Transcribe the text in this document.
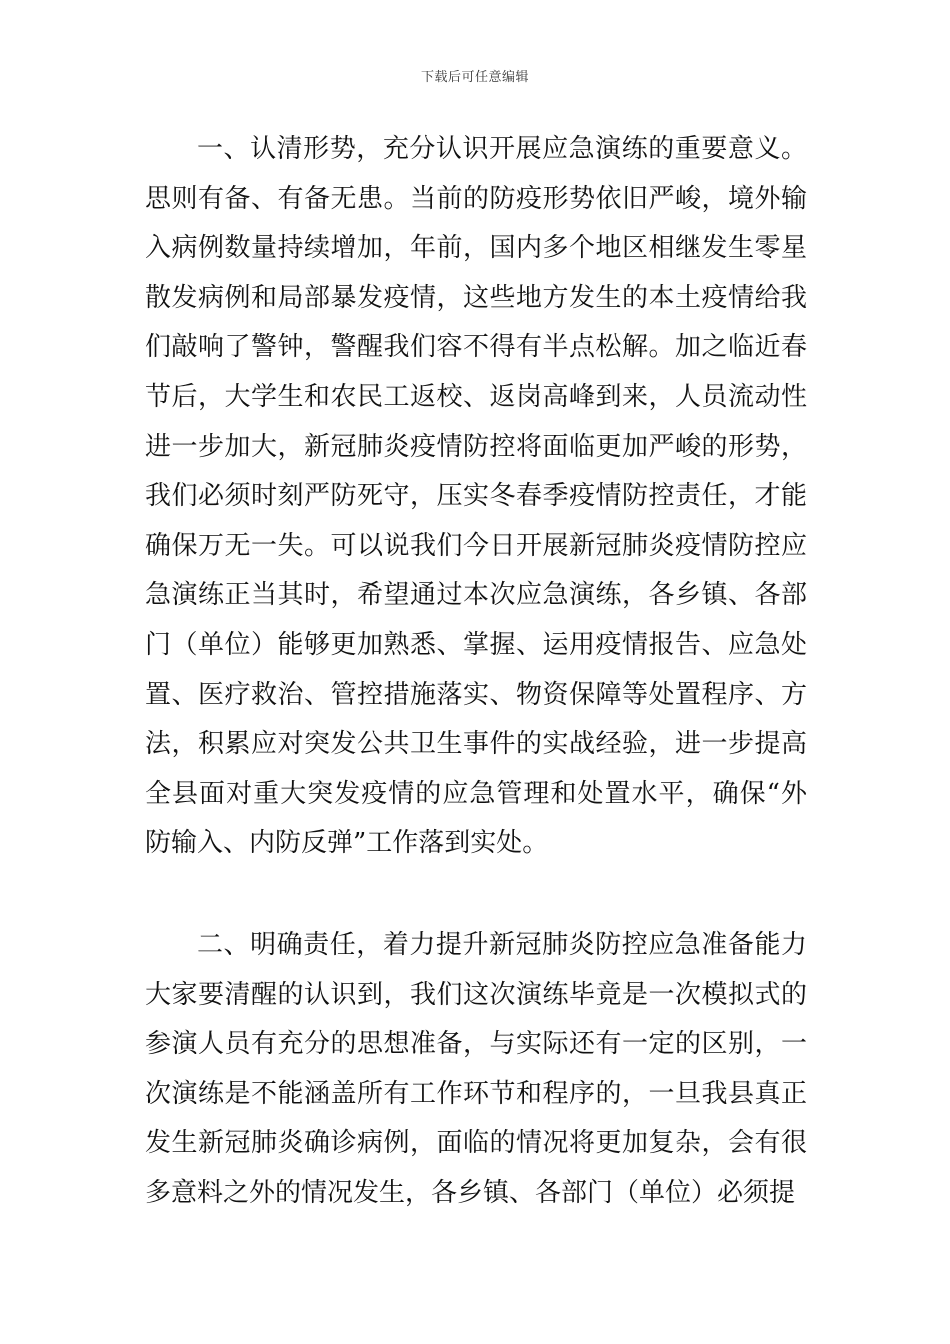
下载后可任意编辑

一、认清形势，充分认识开展应急演练的重要意义。思则有备、有备无患。当前的防疫形势依旧严峻，境外输入病例数量持续增加，年前，国内多个地区相继发生零星散发病例和局部暴发疫情，这些地方发生的本土疫情给我们敲响了警钟，警醒我们容不得有半点松解。加之临近春节后，大学生和农民工返校、返岗高峰到来，人员流动性进一步加大，新冠肺炎疫情防控将面临更加严峻的形势，我们必须时刻严防死守，压实冬春季疫情防控责任，才能确保万无一失。可以说我们今日开展新冠肺炎疫情防控应急演练正当其时，希望通过本次应急演练，各乡镇、各部门（单位）能够更加熟悉、掌握、运用疫情报告、应急处置、医疗救治、管控措施落实、物资保障等处置程序、方法，积累应对突发公共卫生事件的实战经验，进一步提高全县面对重大突发疫情的应急管理和处置水平，确保“外防输入、内防反弹”工作落到实处。

二、明确责任，着力提升新冠肺炎防控应急准备能力大家要清醒的认识到，我们这次演练毕竟是一次模拟式的参演人员有充分的思想准备，与实际还有一定的区别，一次演练是不能涵盖所有工作环节和程序的，一旦我县真正发生新冠肺炎确诊病例，面临的情况将更加复杂，会有很多意料之外的情况发生，各乡镇、各部门（单位）必须提
